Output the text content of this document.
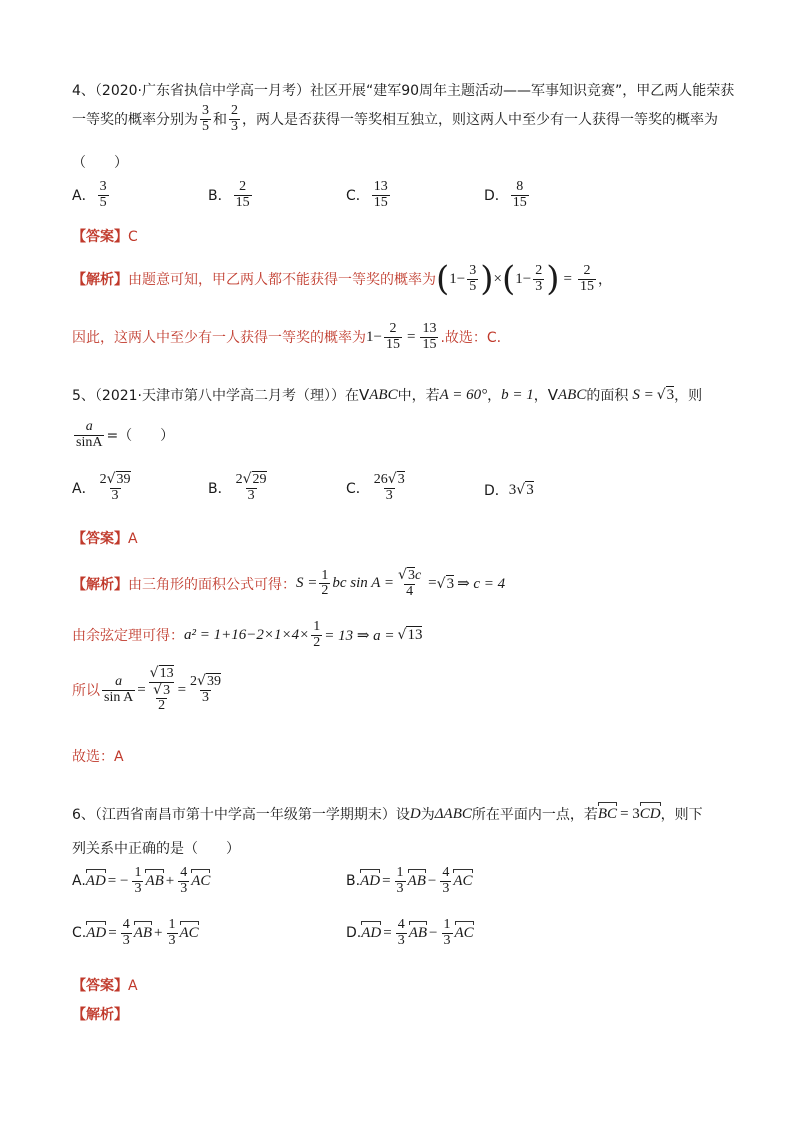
4、（2020·广东省执信中学高一月考）社区开展“建军90周年主题活动——军事知识竞赛”，甲乙两人能荣获
一等奖的概率分别为 $\frac{3}{5}$ 和 $\frac{2}{3}$ ，两人是否获得一等奖相互独立，则这两人中至少有一人获得一等奖的概率为
（　　）
A． $\frac{3}{5}$	B． $\frac{2}{15}$	C． $\frac{13}{15}$	D． $\frac{8}{15}$
【答案】C
【解析】 由题意可知，甲乙两人都不能获得一等奖的概率为 ( $1 - \frac{3}{5}$ ) × ( $1 - \frac{2}{3}$ ) = $\frac{2}{15}$ ，
因此，这两人中至少有一人获得一等奖的概率为 $1 - \frac{2}{15} = \frac{13}{15}$ .故选：C.
5、（2021·天津市第八中学高二月考（理））在 V ABC 中，若 A = 60° ， b = 1 ， V ABC 的面积 S = √ 3 ，则
$\frac{a}{\sin A}$ =（　　）
A． $\frac{2√39}{3}$	B． $\frac{2√29}{3}$	C． $\frac{26√3}{3}$	D． 3 √ 3
【答案】A
【解析】 由三角形的面积公式可得： $S = \frac{1}{2}$ bc $\sin A = \frac{√3c}{4}$ = √ 3 ⇒ c = 4
由余弦定理可得： $a^2 = 1+16-2\times 1\times 4\times \frac{1}{2} = 13$ ⇒ a = √ 13
所以 $\frac{a}{\text{sin A}} = \frac{√13}{\frac{√3}{2}} = \frac{2√39}{3}$
故选：A
6、（江西省南昌市第十中学高一年级第一学期期末）设 D 为 ΔABC 所在平面内一点，若 BC = 3 CD ，则下
列关系中正确的是（　　）
A. AD = − $\frac{1}{3}$ AB + $\frac{4}{3}$ AC	B. AD = $\frac{1}{3}$ AB − $\frac{4}{3}$ AC
C. AD = $\frac{4}{3}$ AB + $\frac{1}{3}$ AC	D. AD = $\frac{4}{3}$ AB − $\frac{1}{3}$ AC
【答案】A
【解析】
